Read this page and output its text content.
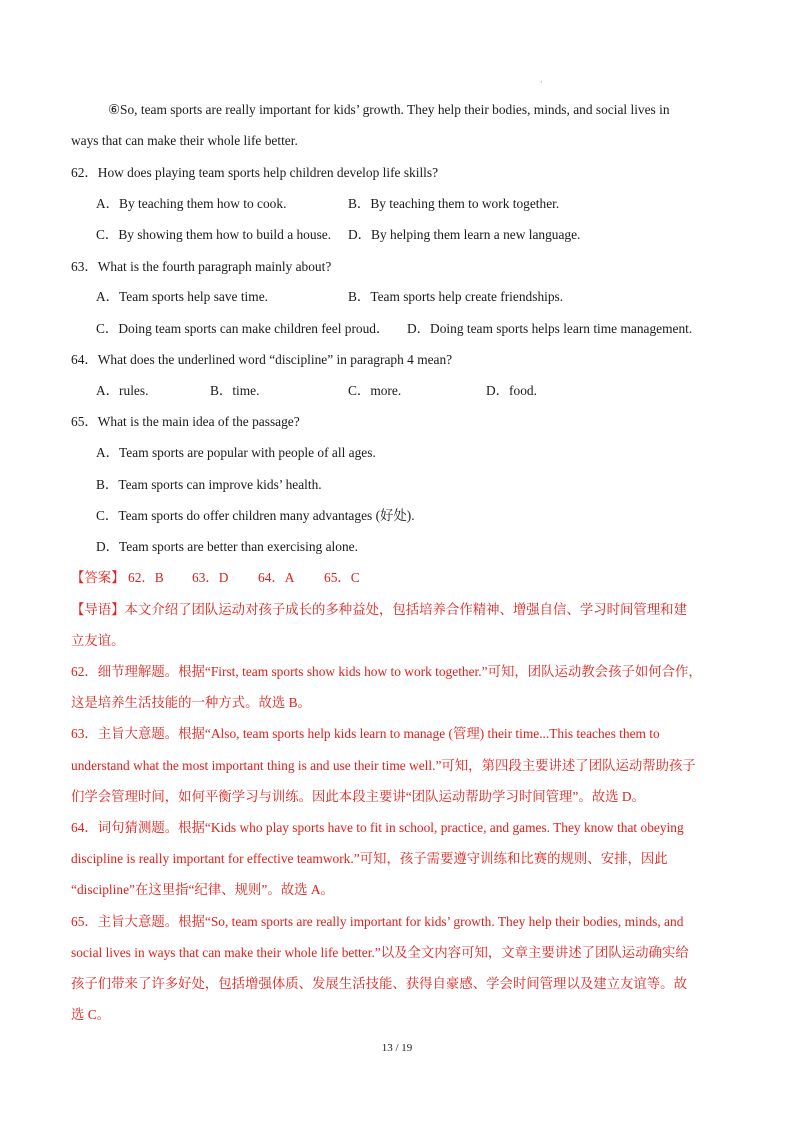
·
⑥So, team sports are really important for kids’ growth. They help their bodies, minds, and social lives in
ways that can make their whole life better.
62．How does playing team sports help children develop life skills?
A．By teaching them how to cook.	B．By teaching them to work together.
C．By showing them how to build a house. D．By helping them learn a new language.
63．What is the fourth paragraph mainly about?
A．Team sports help save time.	B．Team sports help create friendships.
C．Doing team sports can make children feel proud． D．Doing team sports helps learn time management.
64．What does the underlined word “discipline” in paragraph 4 mean?
A．rules.	B．time.	C．more.	D．food.
65．What is the main idea of the passage?
A．Team sports are popular with people of all ages.
B．Team sports can improve kids’ health.
C．Team sports do offer children many advantages (好处).
D．Team sports are better than exercising alone.
【答案】 62．B 63．D 64．A 65．C
【导语】本文介绍了团队运动对孩子成长的多种益处，包括培养合作精神、增强自信、学习时间管理和建
立友谊。
62．细节理解题。根据“First, team sports show kids how to work together.”可知，团队运动教会孩子如何合作，
这是培养生活技能的一种方式。故选 B。
63．主旨大意题。根据“Also, team sports help kids learn to manage (管理) their time...This teaches them to
understand what the most important thing is and use their time well.”可知，第四段主要讲述了团队运动帮助孩子
们学会管理时间，如何平衡学习与训练。因此本段主要讲“团队运动帮助学习时间管理”。故选 D。
64．词句猜测题。根据“Kids who play sports have to fit in school, practice, and games. They know that obeying
discipline is really important for effective teamwork.”可知，孩子需要遵守训练和比赛的规则、安排，因此
“discipline”在这里指“纪律、规则”。故选 A。
65．主旨大意题。根据“So, team sports are really important for kids’ growth. They help their bodies, minds, and
social lives in ways that can make their whole life better.”以及全文内容可知，文章主要讲述了团队运动确实给
孩子们带来了许多好处，包括增强体质、发展生活技能、获得自豪感、学会时间管理以及建立友谊等。故
选 C。
13 / 19
